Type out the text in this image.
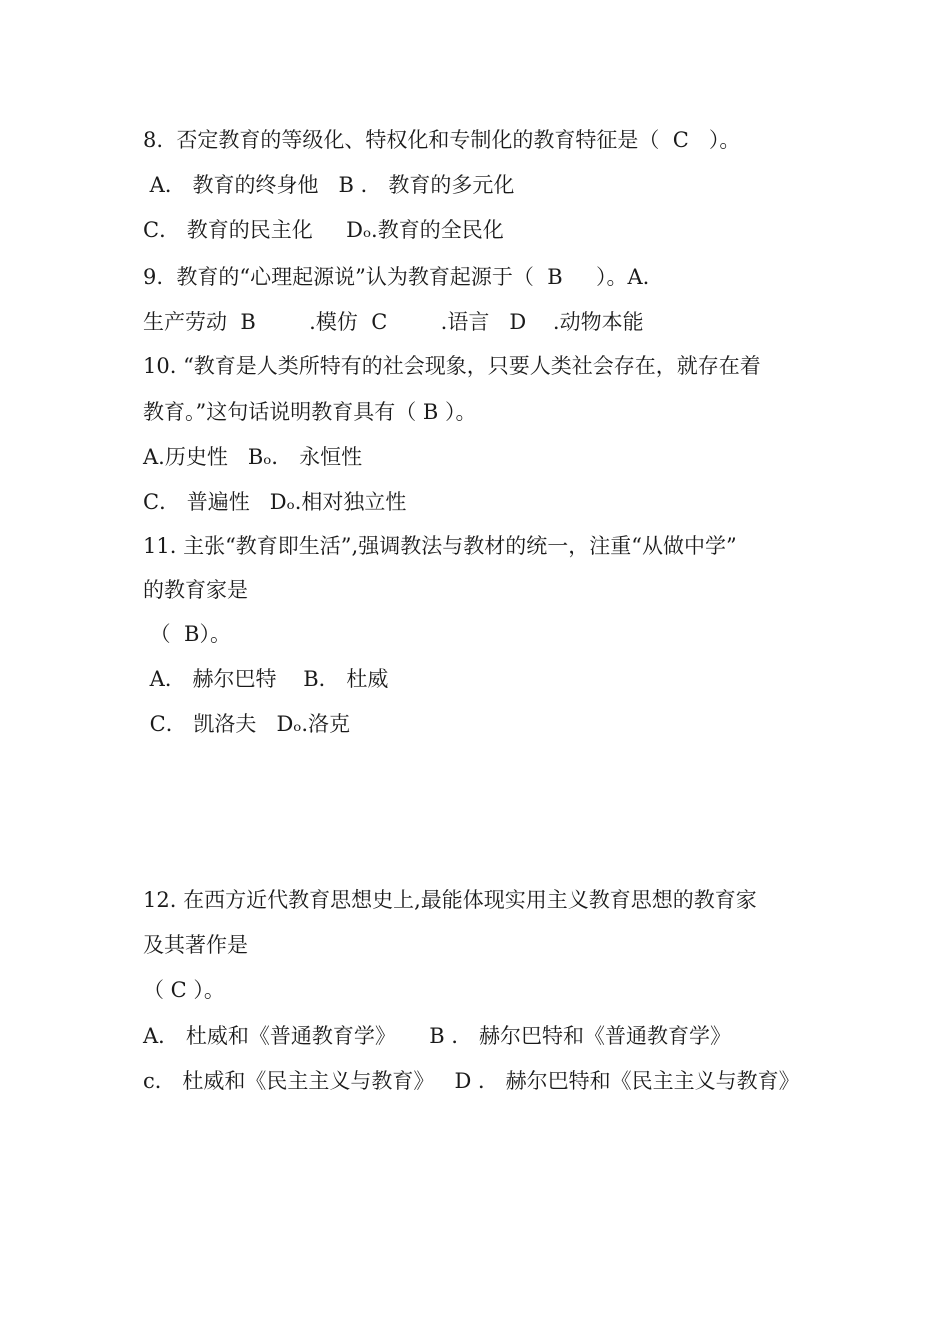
8.  否定教育的等级化、特权化和专制化的教育特征是（  C   ）。
A． 教育的终身他   B ． 教育的多元化
C． 教育的民主化     Dₒ.教育的全民化
9.  教育的“心理起源说”认为教育起源于（  B     ）。A.
生产劳动  B        .模仿  C        .语言   D    .动物本能
10. “教育是人类所特有的社会现象，只要人类社会存在，就存在着
教育。”这句话说明教育具有（ B ）。
A.历史性   Bₒ． 永恒性
C． 普遍性   Dₒ.相对独立性
11. 主张“教育即生活”,强调教法与教材的统一，注重“从做中学”
的教育家是
（  B）。
A． 赫尔巴特    B． 杜威
C． 凯洛夫   Dₒ.洛克
12. 在西方近代教育思想史上,最能体现实用主义教育思想的教育家
及其著作是
（ C ）。
A． 杜威和《普通教育学》     B ． 赫尔巴特和《普通教育学》
c． 杜威和《民主主义与教育》   D ． 赫尔巴特和《民主主义与教育》
